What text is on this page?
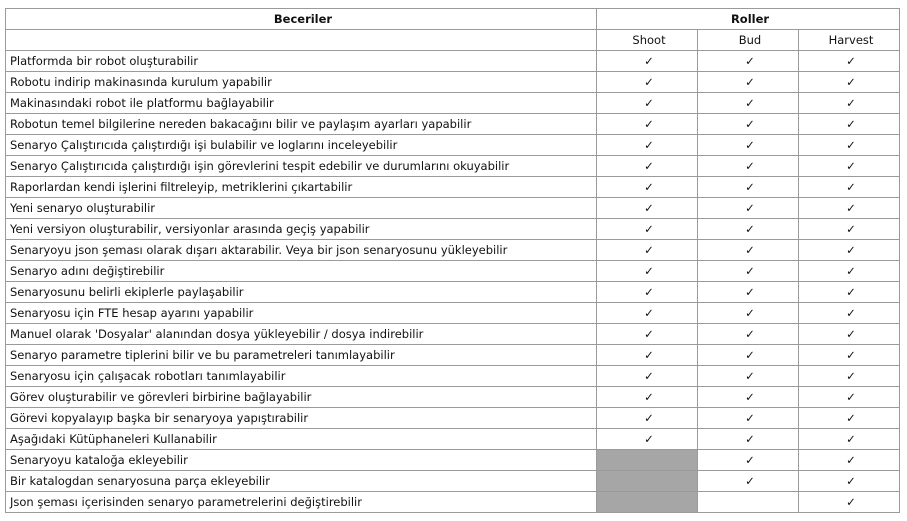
Beceriler	Roller		
	Shoot	Bud	Harvest
Platformda bir robot oluşturabilir	✓	✓	✓
Robotu indirip makinasında kurulum yapabilir	✓	✓	✓
Makinasındaki robot ile platformu bağlayabilir	✓	✓	✓
Robotun temel bilgilerine nereden bakacağını bilir ve paylaşım ayarları yapabilir	✓	✓	✓
Senaryo Çalıştırıcıda çalıştırdığı işi bulabilir ve loglarını inceleyebilir	✓	✓	✓
Senaryo Çalıştırıcıda çalıştırdığı işin görevlerini tespit edebilir ve durumlarını okuyabilir	✓	✓	✓
Raporlardan kendi işlerini filtreleyip, metriklerini çıkartabilir	✓	✓	✓
Yeni senaryo oluşturabilir	✓	✓	✓
Yeni versiyon oluşturabilir, versiyonlar arasında geçiş yapabilir	✓	✓	✓
Senaryoyu json şeması olarak dışarı aktarabilir. Veya bir json senaryosunu yükleyebilir	✓	✓	✓
Senaryo adını değiştirebilir	✓	✓	✓
Senaryosunu belirli ekiplerle paylaşabilir	✓	✓	✓
Senaryosu için FTE hesap ayarını yapabilir	✓	✓	✓
Manuel olarak 'Dosyalar' alanından dosya yükleyebilir / dosya indirebilir	✓	✓	✓
Senaryo parametre tiplerini bilir ve bu parametreleri tanımlayabilir	✓	✓	✓
Senaryosu için çalışacak robotları tanımlayabilir	✓	✓	✓
Görev oluşturabilir ve görevleri birbirine bağlayabilir	✓	✓	✓
Görevi kopyalayıp başka bir senaryoya yapıştırabilir	✓	✓	✓
Aşağıdaki Kütüphaneleri Kullanabilir	✓	✓	✓
Senaryoyu kataloğa ekleyebilir		✓	✓
Bir katalogdan senaryosuna parça ekleyebilir		✓	✓
Json şeması içerisinden senaryo parametrelerini değiştirebilir			✓
